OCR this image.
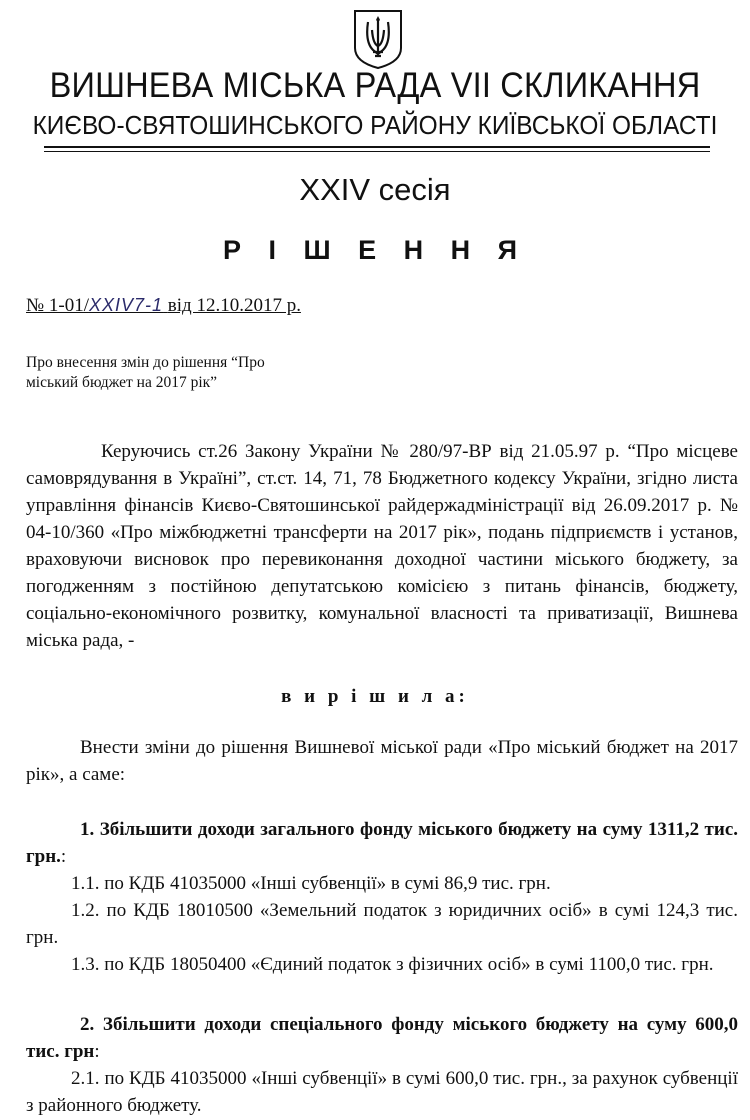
ВИШНЕВА МІСЬКА РАДА VII СКЛИКАННЯ
КИЄВО-СВЯТОШИНСЬКОГО РАЙОНУ КИЇВСЬКОЇ ОБЛАСТІ
XXIV сесія
Р І Ш Е Н Н Я
№ 1-01/XXIV7-1 від 12.10.2017 р.
Про внесення змін до рішення “Про
міський бюджет на 2017 рік”
Керуючись ст.26 Закону України № 280/97-ВР від 21.05.97 р. “Про місцеве самоврядування в Україні”, ст.ст. 14, 71, 78 Бюджетного кодексу України, згідно листа управління фінансів Києво-Святошинської райдержадміністрації від 26.09.2017 р. № 04-10/360 «Про міжбюджетні трансферти на 2017 рік», подань підприємств і установ, враховуючи висновок про перевиконання доходної частини міського бюджету, за погодженням з постійною депутатською комісією з питань фінансів, бюджету, соціально-економічного розвитку, комунальної власності та приватизації, Вишнева міська рада, -
в и р і ш и л а:
Внести зміни до рішення Вишневої міської ради «Про міський бюджет на 2017 рік», а саме:
1. Збільшити доходи загального фонду міського бюджету на суму 1311,2 тис. грн.:
1.1. по КДБ 41035000 «Інші субвенції» в сумі 86,9 тис. грн.
1.2. по КДБ 18010500 «Земельний податок з юридичних осіб» в сумі 124,3 тис. грн.
1.3. по КДБ 18050400 «Єдиний податок з фізичних осіб» в сумі 1100,0 тис. грн.
2. Збільшити доходи спеціального фонду міського бюджету на суму 600,0 тис. грн:
2.1. по КДБ 41035000 «Інші субвенції» в сумі 600,0 тис. грн., за рахунок субвенції з районного бюджету.
